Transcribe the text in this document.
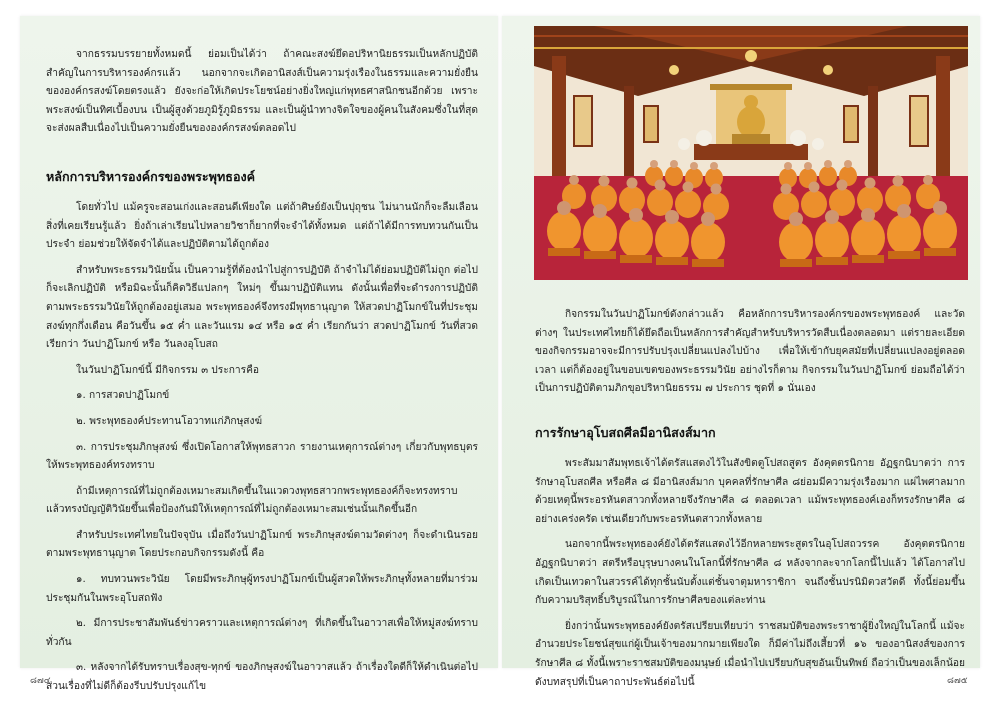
จากธรรมบรรยายทั้งหมดนี้ ย่อมเป็นได้ว่า ถ้าคณะสงฆ์ยึดอปริหานิยธรรมเป็นหลักปฏิบัติสำคัญในการบริหารองค์กรแล้ว นอกจากจะเกิดอานิสงส์เป็นความรุ่งเรืองในธรรมและความยั่งยืนขององค์กรสงฆ์โดยตรงแล้ว ยังจะก่อให้เกิดประโยชน์อย่างยิ่งใหญ่แก่พุทธศาสนิกชนอีกด้วย เพราะพระสงฆ์เป็นทิศเบื้องบน เป็นผู้สูงด้วยภูมิรู้ภูมิธรรม และเป็นผู้นำทางจิตใจของผู้คนในสังคมซึ่งในที่สุดจะส่งผลสืบเนื่องไปเป็นความยั่งยืนขององค์กรสงฆ์ตลอดไป

หลักการบริหารองค์กรของพระพุทธองค์

โดยทั่วไป แม้ครูจะสอนเก่งและสอนดีเพียงใด แต่ถ้าศิษย์ยังเป็นปุถุชน ไม่นานนักก็จะลืมเลือนสิ่งที่เคยเรียนรู้แล้ว ยิ่งถ้าเล่าเรียนไปหลายวิชาก็ยากที่จะจำได้ทั้งหมด แต่ถ้าได้มีการทบทวนกันเป็นประจำ ย่อมช่วยให้จัดจำได้และปฏิบัติตามได้ถูกต้อง

สำหรับพระธรรมวินัยนั้น เป็นความรู้ที่ต้องนำไปสู่การปฏิบัติ ถ้าจำไม่ได้ย่อมปฏิบัติไม่ถูก ต่อไปก็จะเลิกปฏิบัติ หรือมิฉะนั้นก็คิดวิธีแปลกๆ ใหม่ๆ ขึ้นมาปฏิบัติแทน ดังนั้นเพื่อที่จะดำรงการปฏิบัติตามพระธรรมวินัยให้ถูกต้องอยู่เสมอ พระพุทธองค์จึงทรงมีพุทธานุญาต ให้สวดปาฏิโมกข์ในที่ประชุมสงฆ์ทุกกึ่งเดือน คือวันขึ้น ๑๕ ค่ำ และวันแรม ๑๔ หรือ ๑๕ ค่ำ เรียกกันว่า สวดปาฏิโมกข์ วันที่สวดเรียกว่า วันปาฏิโมกข์ หรือ วันลงอุโบสถ

ในวันปาฏิโมกข์นี้ มีกิจกรรม ๓ ประการคือ

๑. การสวดปาฏิโมกข์

๒. พระพุทธองค์ประทานโอวาทแก่ภิกษุสงฆ์

๓. การประชุมภิกษุสงฆ์ ซึ่งเปิดโอกาสให้พุทธสาวก รายงานเหตุการณ์ต่างๆ เกี่ยวกับพุทธบุตรให้พระพุทธองค์ทรงทราบ

ถ้ามีเหตุการณ์ที่ไม่ถูกต้องเหมาะสมเกิดขึ้นในแวดวงพุทธสาวกพระพุทธองค์ก็จะทรงทราบ แล้วทรงบัญญัติวินัยขึ้นเพื่อป้องกันมิให้เหตุการณ์ที่ไม่ถูกต้องเหมาะสมเช่นนั้นเกิดขึ้นอีก

สำหรับประเทศไทยในปัจจุบัน เมื่อถึงวันปาฏิโมกข์ พระภิกษุสงฆ์ตามวัดต่างๆ ก็จะดำเนินรอยตามพระพุทธานุญาต โดยประกอบกิจกรรมดังนี้ คือ

๑. ทบทวนพระวินัย โดยมีพระภิกษุผู้ทรงปาฏิโมกข์เป็นผู้สวดให้พระภิกษุทั้งหลายที่มาร่วมประชุมกันในพระอุโบสถฟัง

๒. มีการประชาสัมพันธ์ข่าวคราวและเหตุการณ์ต่างๆ ที่เกิดขึ้นในอาวาสเพื่อให้หมู่สงฆ์ทราบทั่วกัน

๓. หลังจากได้รับทราบเรื่องสุข-ทุกข์ ของภิกษุสงฆ์ในอาวาสแล้ว ถ้าเรื่องใดดีก็ให้ดำเนินต่อไป ส่วนเรื่องที่ไม่ดีก็ต้องรีบปรับปรุงแก้ไข

กิจกรรมในวันปาฏิโมกข์ดังกล่าวแล้ว คือหลักการบริหารองค์กรของพระพุทธองค์ และวัดต่างๆ ในประเทศไทยก็ได้ยึดถือเป็นหลักการสำคัญสำหรับบริหารวัดสืบเนื่องตลอดมา แต่รายละเอียดของกิจกรรมอาจจะมีการปรับปรุงเปลี่ยนแปลงไปบ้าง เพื่อให้เข้ากับยุคสมัยที่เปลี่ยนแปลงอยู่ตลอดเวลา แต่ก็ต้องอยู่ในขอบเขตของพระธรรมวินัย อย่างไรก็ตาม กิจกรรมในวันปาฏิโมกข์ ย่อมถือได้ว่าเป็นการปฏิบัติตามภิกขุอปริหานิยธรรม ๗ ประการ ชุดที่ ๑ นั่นเอง

การรักษาอุโบสถศีลมีอานิสงส์มาก

พระสัมมาสัมพุทธเจ้าได้ตรัสแสดงไว้ในสังขิตตูโปสถสูตร อังคุตตรนิกาย อัฏฐกนิบาตว่า การรักษาอุโบสถศีล หรือศีล ๘ มีอานิสงส์มาก บุคคลที่รักษาศีล ๘ย่อมมีความรุ่งเรืองมาก แผ่ไพศาลมากด้วยเหตุนี้พระอรหันตสาวกทั้งหลายจึงรักษาศีล ๘ ตลอดเวลา แม้พระพุทธองค์เองก็ทรงรักษาศีล ๘ อย่างเคร่งครัด เช่นเดียวกับพระอรหันตสาวกทั้งหลาย

นอกจากนี้พระพุทธองค์ยังได้ตรัสแสดงไว้อีกหลายพระสูตรในอุโปสถวรรค อังคุตตรนิกาย อัฏฐกนิบาตว่า สตรีหรือบุรุษบางคนในโลกนี้ที่รักษาศีล ๘ หลังจากละจากโลกนี้ไปแล้ว ได้โอกาสไปเกิดเป็นเทวดาในสวรรค์ได้ทุกชั้นนับตั้งแต่ชั้นจาตุมหาราชิกา จนถึงชั้นปรนิมิตวสวัตดี ทั้งนี้ย่อมขึ้นกับความบริสุทธิ์บริบูรณ์ในการรักษาศีลของแต่ละท่าน

ยิ่งกว่านั้นพระพุทธองค์ยังตรัสเปรียบเทียบว่า ราชสมบัติของพระราชาผู้ยิ่งใหญ่ในโลกนี้ แม้จะอำนวยประโยชน์สุขแก่ผู้เป็นเจ้าของมากมายเพียงใด ก็มีค่าไม่ถึงเสี้ยวที่ ๑๖ ของอานิสงส์ของการรักษาศีล ๘ ทั้งนี้เพราะราชสมบัติของมนุษย์ เมื่อนำไปเปรียบกับสุขอันเป็นทิพย์ ถือว่าเป็นของเล็กน้อย ดังบทสรุปที่เป็นคาถาประพันธ์ต่อไปนี้

๘๗๔	๘๗๕
